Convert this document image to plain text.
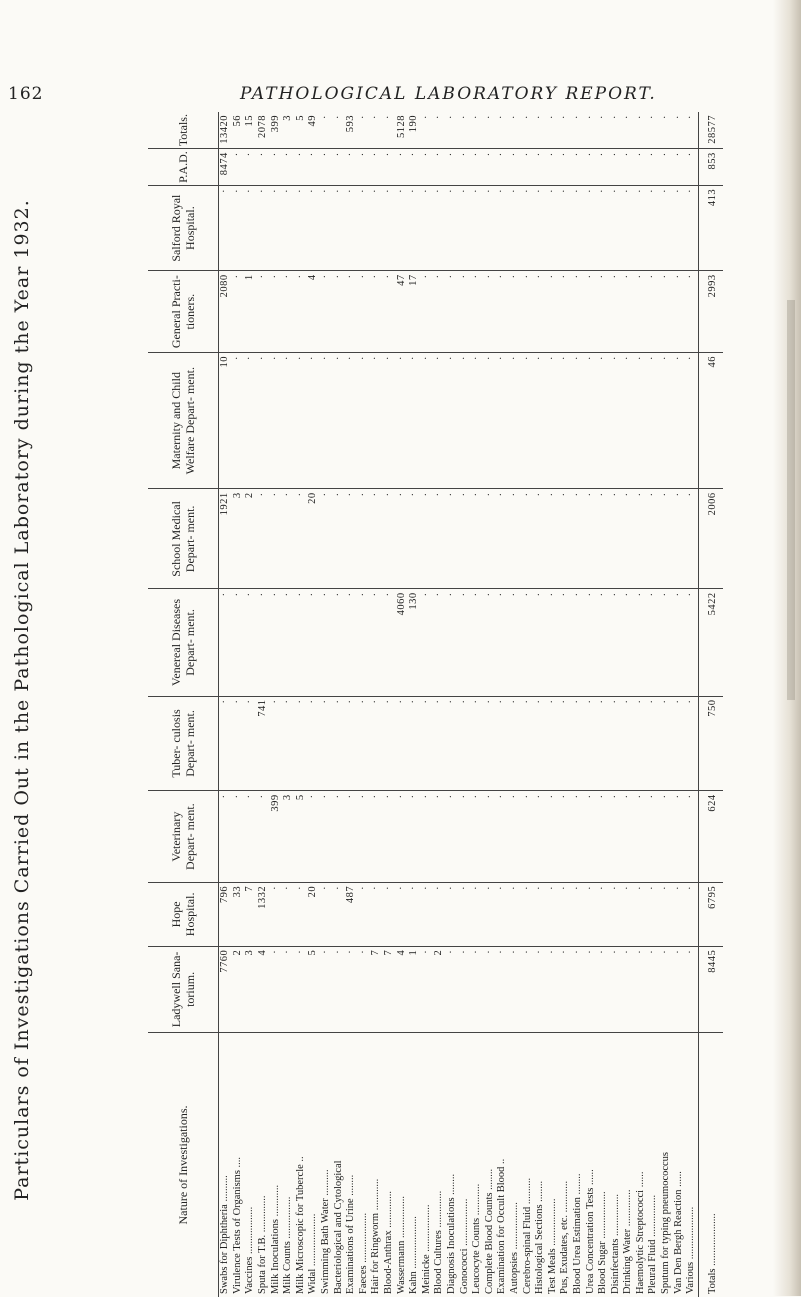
162	PATHOLOGICAL LABORATORY REPORT.
Particulars of Investigations Carried Out in the Pathological Laboratory during the Year 1932.	Nature of Investigations.	Ladywell Sana- torium.	Hope Hospital.	Veterinary Depart- ment.	Tuber- culosis Depart- ment.	Venereal Diseases Depart- ment.	School Medical Depart- ment.	Maternity and Child Welfare Depart- ment.	General Practi- tioners.	Salford Royal Hospital.	P.A.D.	Totals.
Swabs for Diphtheria ..........	7760	796	·	·	·	1921	10	2080	·	8474	13420
Virulence Tests of Organisms ....	2	33	·	·	·	3	·	·	·	·	56
Vaccines ..................	3	7	·	·	·	2	·	1	·	·	15
Sputa for T.B. ..............	4	1332	·	741	·	·	·	·	·	·	2078
Milk Inoculations ............	·	·	399	·	·	·	·	·	·	·	399
Milk Counts ................	·	·	3	·	·	·	·	·	·	·	3
Milk Microscopic for Tubercle ..	·	·	5	·	·	·	·	·	·	·	5
Widal ....................	5	20	·	·	·	20	·	4	·	·	49
Swimming Bath Water ..........	·	·	·	·	·	·	·	·	·	·	·
Bacteriological and Cytological	·	·	·	·	·	·	·	·	·	·	·
Examinations of Urine ........	·	487	·	·	·	·	·	·	·	·	593
Faeces ...................	·	·	·	·	·	·	·	·	·	·	·
Hair for Ringworm ............	7	·	·	·	·	·	·	·	·	·	·
Blood-Anthrax ..............	7	·	·	·	·	·	·	·	·	·	·
Wassermann ................	4	·	·	·	4060	·	·	47	·	·	5128
Kahn ....................	1	·	·	·	130	·	·	17	·	·	190
Meinicke ..................	·	·	·	·	·	·	·	·	·	·	·
Blood Cultures ..............	2	·	·	·	·	·	·	·	·	·	·
Diagnosis Inoculations ........	·	·	·	·	·	·	·	·	·	·	·
Gonococci ..................	·	·	·	·	·	·	·	·	·	·	·
Leucocyte Counts ............	·	·	·	·	·	·	·	·	·	·	·
Complete Blood Counts ........	·	·	·	·	·	·	·	·	·	·	·
Examination for Occult Blood ..	·	·	·	·	·	·	·	·	·	·	·
Autopsies ..................	·	·	·	·	·	·	·	·	·	·	·
Cerebro-spinal Fluid ..........	·	·	·	·	·	·	·	·	·	·	·
Histological Sections ........	·	·	·	·	·	·	·	·	·	·	·
Test Meals ..................	·	·	·	·	·	·	·	·	·	·	·
Pus, Exudates, etc. ............	·	·	·	·	·	·	·	·	·	·	·
Blood Urea Estimation ........	·	·	·	·	·	·	·	·	·	·	·
Urea Concentration Tests ......	·	·	·	·	·	·	·	·	·	·	·
Blood Sugar ..................	·	·	·	·	·	·	·	·	·	·	·
Disinfectants ................	·	·	·	·	·	·	·	·	·	·	·
Drinking Water ..............	·	·	·	·	·	·	·	·	·	·	·
Haemolytic Streptococci ......	·	·	·	·	·	·	·	·	·	·	·
Pleural Fluid ................	·	·	·	·	·	·	·	·	·	·	·
Sputum for typing pneumococcus	·	·	·	·	·	·	·	·	·	·	·
Van Den Bergh Reaction ......	·	·	·	·	·	·	·	·	·	·	·
Various ....................	·	·	·	·	·	·	·	·	·	·	·
Totals ....................	8445	6795	624	750	5422	2006	46	2993	413	853	28577
